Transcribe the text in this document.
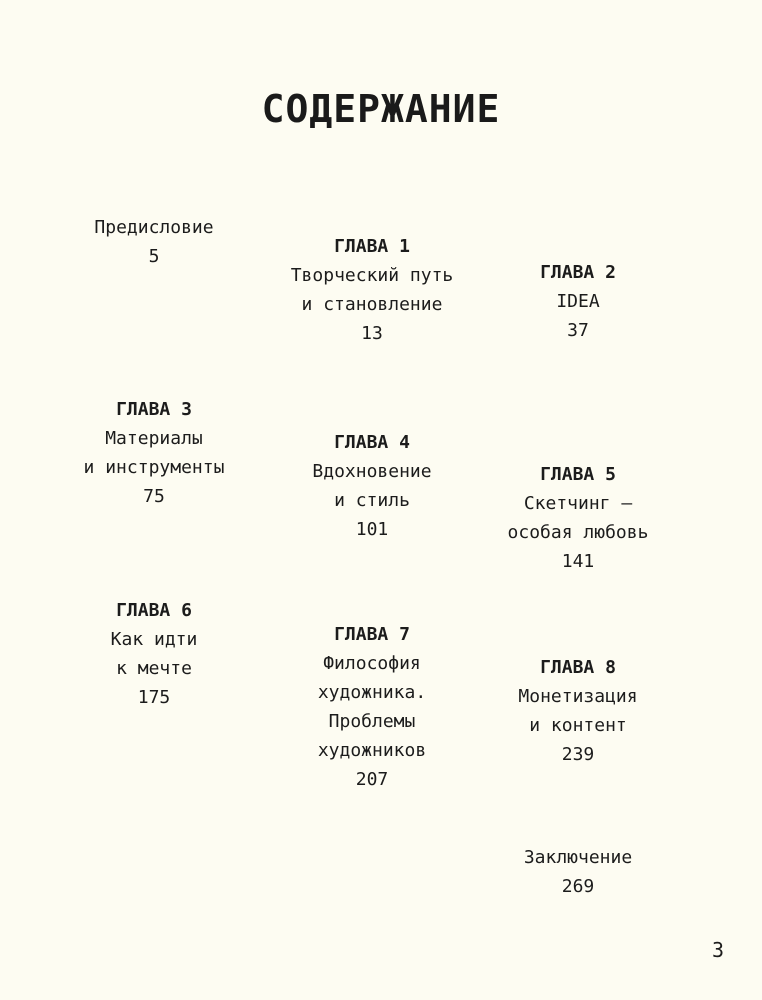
СОДЕРЖАНИЕ
Предисловие
5	ГЛАВА 1
Творческий путь
и становление
13
ГЛАВА 2
IDEA
37
ГЛАВА 3
Материалы
и инструменты
75
ГЛАВА 4
Вдохновение
и стиль
101
ГЛАВА 5
Скетчинг —
особая любовь
141
ГЛАВА 6
Как идти
к мечте
175
ГЛАВА 7
Философия
художника.
Проблемы
художников
207
ГЛАВА 8
Монетизация
и контент
239
Заключение
269
3
